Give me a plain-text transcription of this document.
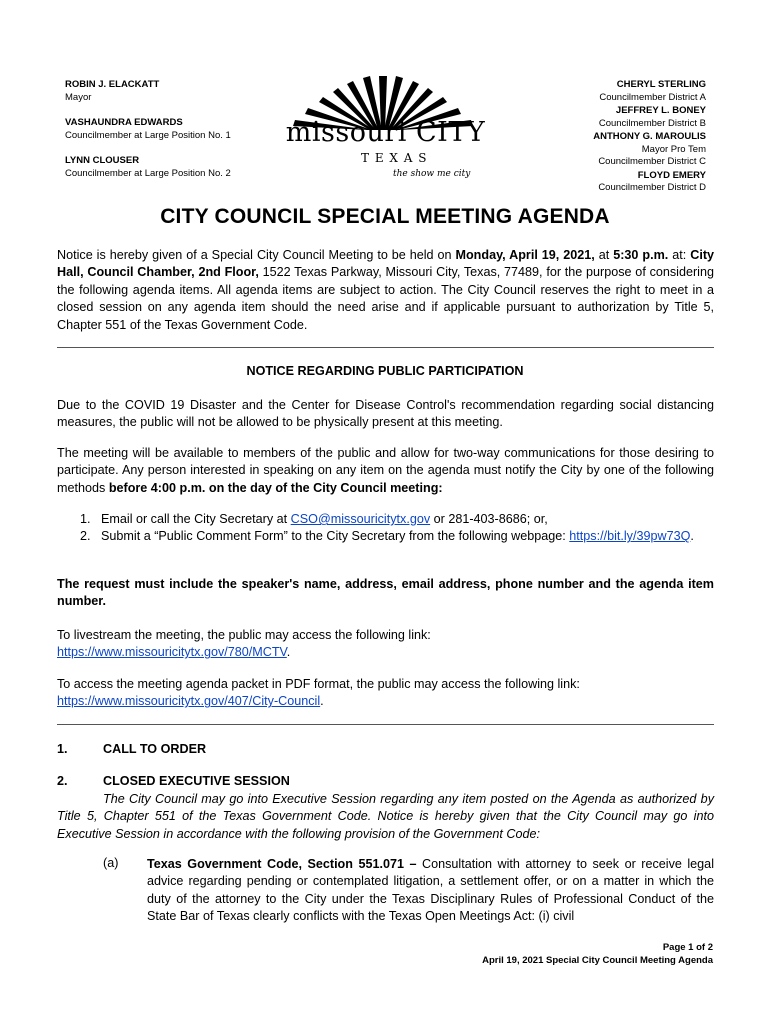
ROBIN J. ELACKATT
Mayor
VASHAUNDRA EDWARDS
Councilmember at Large Position No. 1
LYNN CLOUSER
Councilmember at Large Position No. 2
missouri CITY
T E X A S
the show me city
CHERYL STERLING
Councilmember District A
JEFFREY L. BONEY
Councilmember District B
ANTHONY G. MAROULIS
Mayor Pro Tem
Councilmember District C
FLOYD EMERY
Councilmember District D
CITY COUNCIL SPECIAL MEETING AGENDA
Notice is hereby given of a Special City Council Meeting to be held on Monday, April 19, 2021, at 5:30 p.m. at: City Hall, Council Chamber, 2nd Floor, 1522 Texas Parkway, Missouri City, Texas, 77489, for the purpose of considering the following agenda items. All agenda items are subject to action. The City Council reserves the right to meet in a closed session on any agenda item should the need arise and if applicable pursuant to authorization by Title 5, Chapter 551 of the Texas Government Code.
NOTICE REGARDING PUBLIC PARTICIPATION
Due to the COVID 19 Disaster and the Center for Disease Control's recommendation regarding social distancing measures, the public will not be allowed to be physically present at this meeting.
The meeting will be available to members of the public and allow for two-way communications for those desiring to participate. Any person interested in speaking on any item on the agenda must notify the City by one of the following methods before 4:00 p.m. on the day of the City Council meeting:
1. Email or call the City Secretary at CSO@missouricitytx.gov or 281-403-8686; or,
2. Submit a “Public Comment Form” to the City Secretary from the following webpage: https://bit.ly/39pw73Q.
The request must include the speaker's name, address, email address, phone number and the agenda item number.
To livestream the meeting, the public may access the following link:
https://www.missouricitytx.gov/780/MCTV.
To access the meeting agenda packet in PDF format, the public may access the following link:
https://www.missouricitytx.gov/407/City-Council.
1.	CALL TO ORDER
2.	CLOSED EXECUTIVE SESSION
The City Council may go into Executive Session regarding any item posted on the Agenda as authorized by Title 5, Chapter 551 of the Texas Government Code. Notice is hereby given that the City Council may go into Executive Session in accordance with the following provision of the Government Code:
(a) Texas Government Code, Section 551.071 – Consultation with attorney to seek or receive legal advice regarding pending or contemplated litigation, a settlement offer, or on a matter in which the duty of the attorney to the City under the Texas Disciplinary Rules of Professional Conduct of the State Bar of Texas clearly conflicts with the Texas Open Meetings Act: (i) civil
Page 1 of 2
April 19, 2021 Special City Council Meeting Agenda
